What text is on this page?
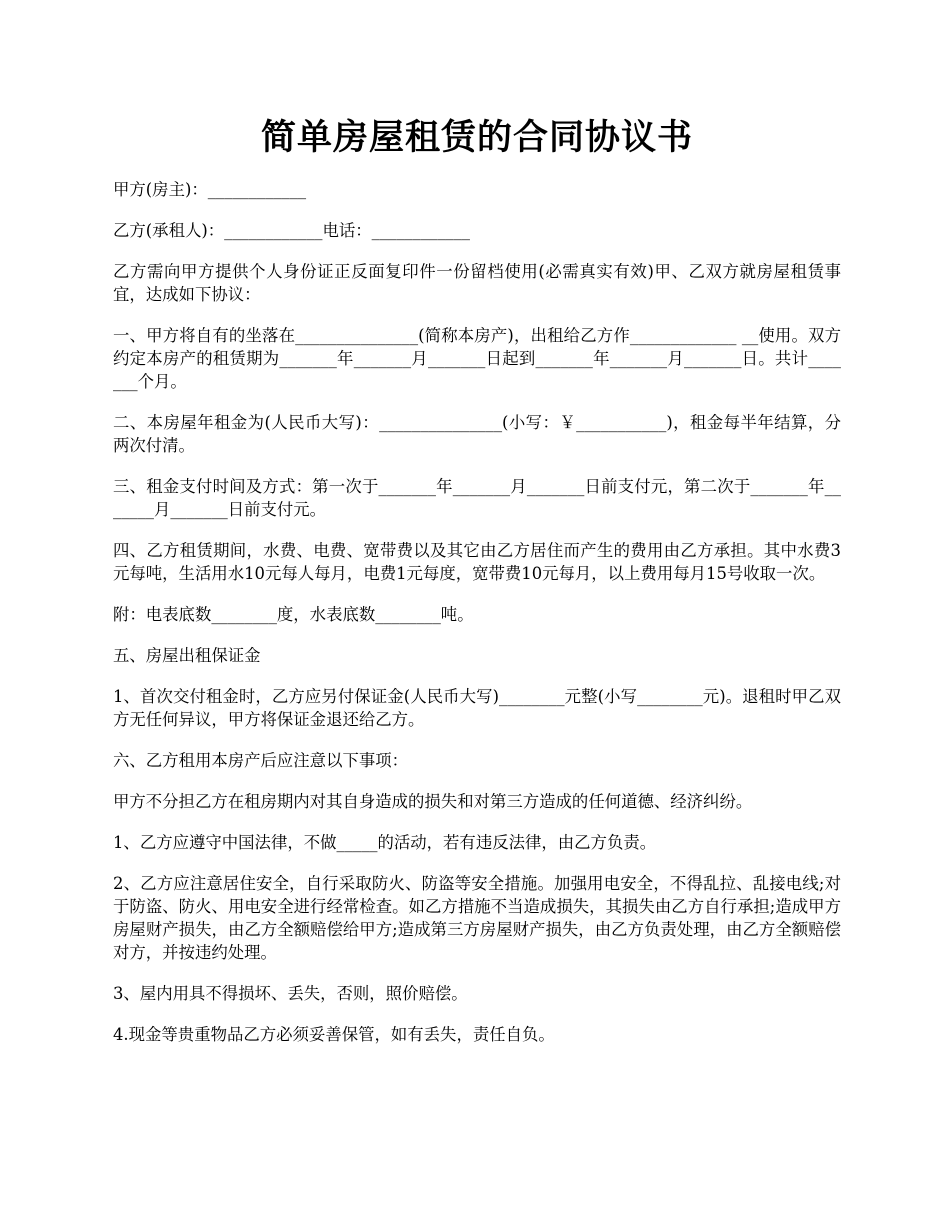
简单房屋租赁的合同协议书

甲方(房主)：____________

乙方(承租人)：____________电话：____________

乙方需向甲方提供个人身份证正反面复印件一份留档使用(必需真实有效)甲、乙双方就房屋租赁事宜，达成如下协议：

一、甲方将自有的坐落在_______________(简称本房产)，出租给乙方作_____________ __使用。双方约定本房产的租赁期为_______年_______月_______日起到_______年_______月_______日。共计_______个月。

二、本房屋年租金为(人民币大写)：_______________(小写：￥___________)，租金每半年结算，分两次付清。

三、租金支付时间及方式：第一次于_______年_______月_______日前支付元，第二次于_______年_______月_______日前支付元。

四、乙方租赁期间，水费、电费、宽带费以及其它由乙方居住而产生的费用由乙方承担。其中水费3元每吨，生活用水10元每人每月，电费1元每度，宽带费10元每月，以上费用每月15号收取一次。

附：电表底数________度，水表底数________吨。

五、房屋出租保证金

1、首次交付租金时，乙方应另付保证金(人民币大写)________元整(小写________元)。退租时甲乙双方无任何异议，甲方将保证金退还给乙方。

六、乙方租用本房产后应注意以下事项：

甲方不分担乙方在租房期内对其自身造成的损失和对第三方造成的任何道德、经济纠纷。

1、乙方应遵守中国法律，不做_____的活动，若有违反法律，由乙方负责。

2、乙方应注意居住安全，自行采取防火、防盗等安全措施。加强用电安全，不得乱拉、乱接电线;对于防盗、防火、用电安全进行经常检查。如乙方措施不当造成损失，其损失由乙方自行承担;造成甲方房屋财产损失，由乙方全额赔偿给甲方;造成第三方房屋财产损失，由乙方负责处理，由乙方全额赔偿对方，并按违约处理。

3、屋内用具不得损坏、丢失，否则，照价赔偿。

4.现金等贵重物品乙方必须妥善保管，如有丢失，责任自负。
